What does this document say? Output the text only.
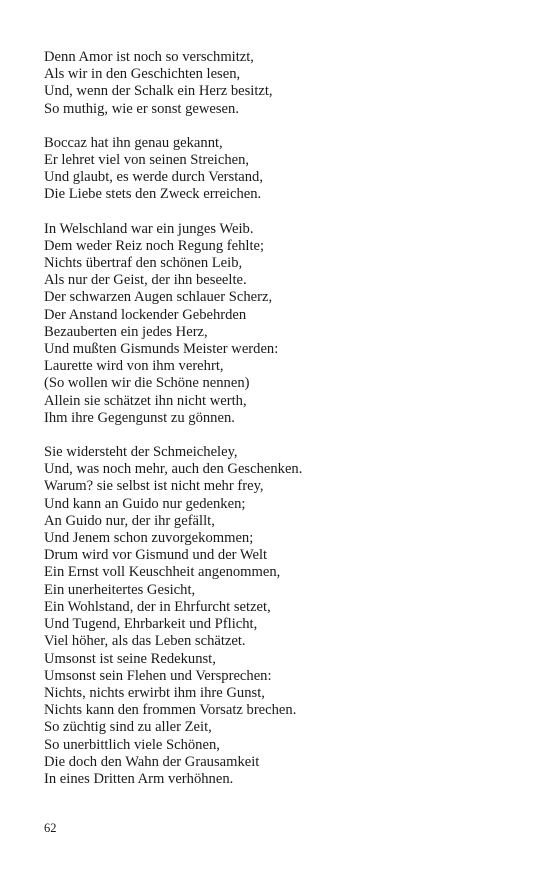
Denn Amor ist noch so verschmitzt,
Als wir in den Geschichten lesen,
Und, wenn der Schalk ein Herz besitzt,
So muthig, wie er sonst gewesen.
Boccaz hat ihn genau gekannt,
Er lehret viel von seinen Streichen,
Und glaubt, es werde durch Verstand,
Die Liebe stets den Zweck erreichen.
In Welschland war ein junges Weib.
Dem weder Reiz noch Regung fehlte;
Nichts übertraf den schönen Leib,
Als nur der Geist, der ihn beseelte.
Der schwarzen Augen schlauer Scherz,
Der Anstand lockender Gebehrden
Bezauberten ein jedes Herz,
Und mußten Gismunds Meister werden:
Laurette wird von ihm verehrt,
(So wollen wir die Schöne nennen)
Allein sie schätzet ihn nicht werth,
Ihm ihre Gegengunst zu gönnen.
Sie widersteht der Schmeicheley,
Und, was noch mehr, auch den Geschenken.
Warum? sie selbst ist nicht mehr frey,
Und kann an Guido nur gedenken;
An Guido nur, der ihr gefällt,
Und Jenem schon zuvorgekommen;
Drum wird vor Gismund und der Welt
Ein Ernst voll Keuschheit angenommen,
Ein unerheitertes Gesicht,
Ein Wohlstand, der in Ehrfurcht setzet,
Und Tugend, Ehrbarkeit und Pflicht,
Viel höher, als das Leben schätzet.
Umsonst ist seine Redekunst,
Umsonst sein Flehen und Versprechen:
Nichts, nichts erwirbt ihm ihre Gunst,
Nichts kann den frommen Vorsatz brechen.
So züchtig sind zu aller Zeit,
So unerbittlich viele Schönen,
Die doch den Wahn der Grausamkeit
In eines Dritten Arm verhöhnen.
62
